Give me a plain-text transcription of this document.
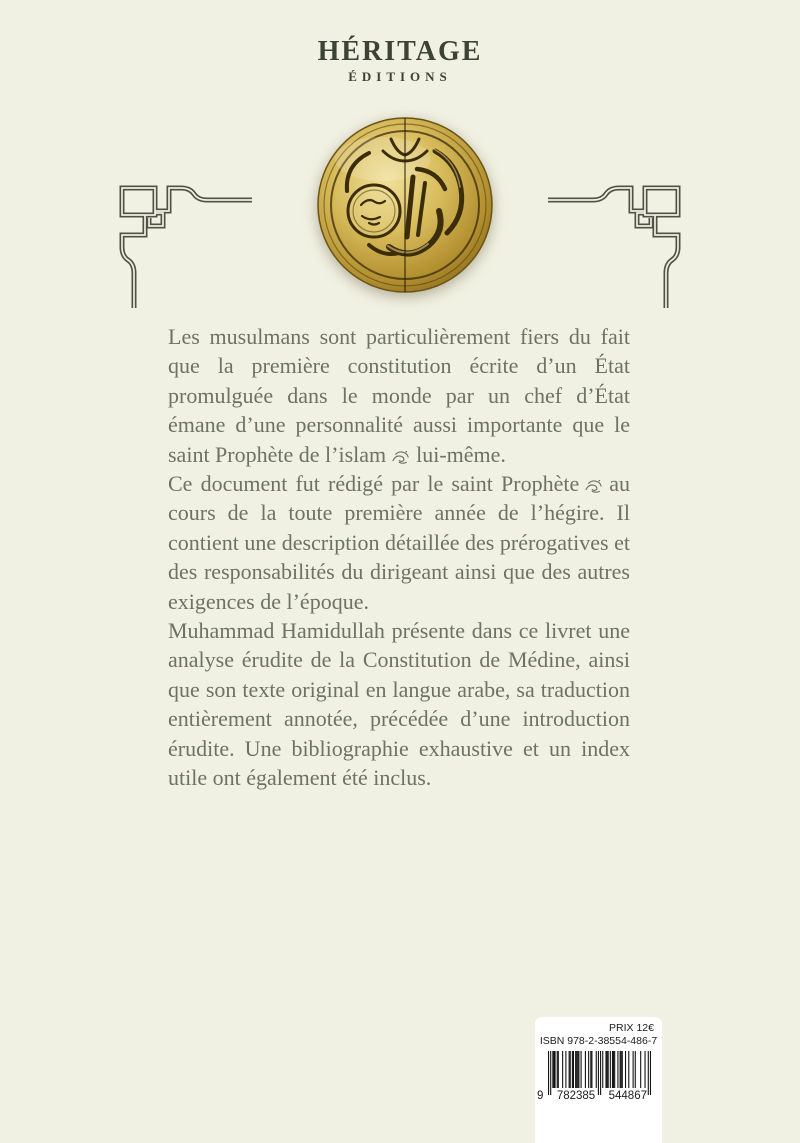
HÉRITAGE
ÉDITIONS

Les musulmans sont particulièrement fiers du fait que la première constitution écrite d’un État promulguée dans le monde par un chef d’État émane d’une personnalité aussi importante que le saint Prophète de l’islam lui-même.

Ce document fut rédigé par le saint Prophète au cours de la toute première année de l’hégire. Il contient une description détaillée des prérogatives et des responsabilités du dirigeant ainsi que des autres exigences de l’époque.

Muhammad Hamidullah présente dans ce livret une analyse érudite de la Constitution de Médine, ainsi que son texte original en langue arabe, sa traduction entièrement annotée, précédée d’une introduction érudite. Une bibliographie exhaustive et un index utile ont également été inclus.

PRIX 12€
ISBN 978-2-38554-486-7
9 782385 544867
